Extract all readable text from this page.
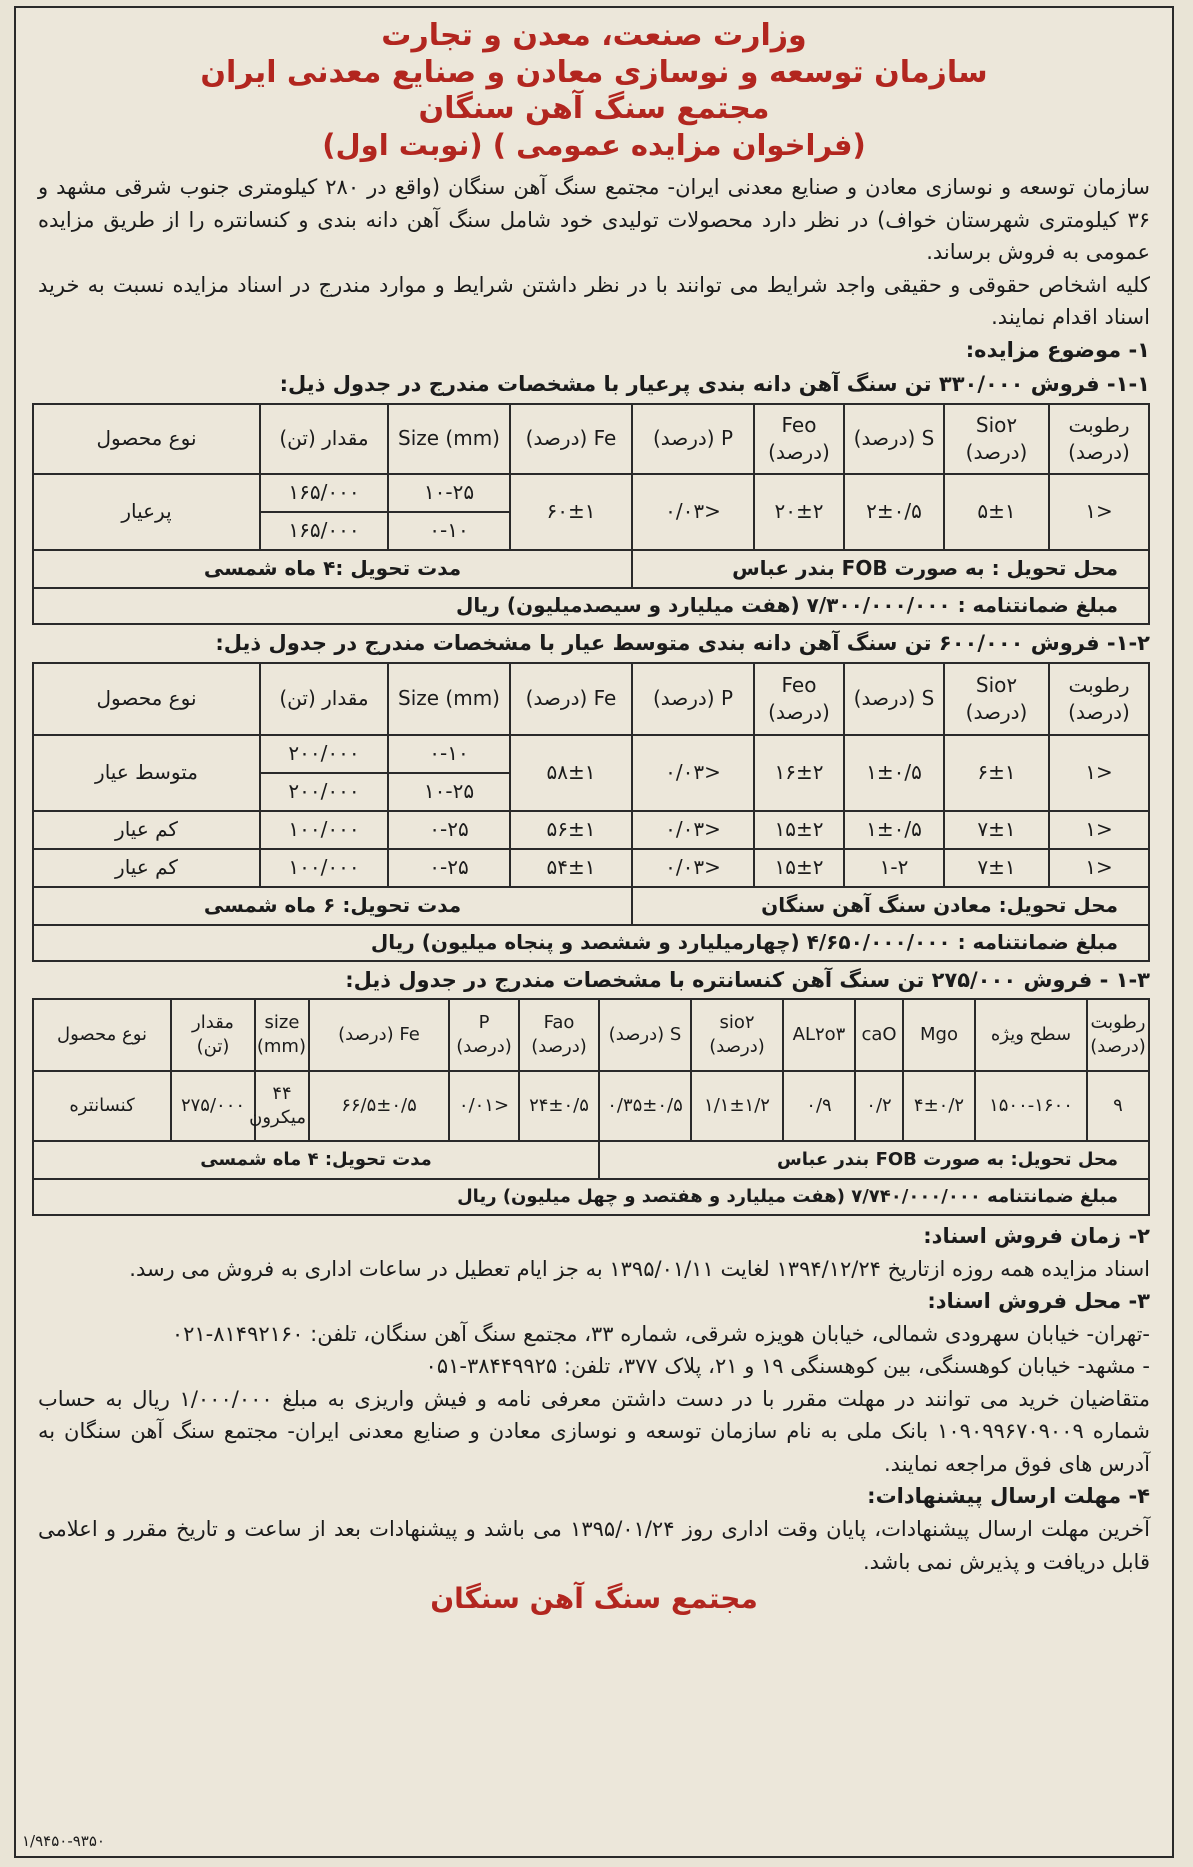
وزارت صنعت، معدن و تجارت
سازمان توسعه و نوسازی معادن و صنایع معدنی ایران
مجتمع سنگ آهن سنگان
(فراخوان مزایده عمومی ) (نوبت اول)

سازمان توسعه و نوسازی معادن و صنایع معدنی ایران- مجتمع سنگ آهن سنگان (واقع در ۲۸۰ کیلومتری جنوب شرقی مشهد و ۳۶ کیلومتری شهرستان خواف) در نظر دارد محصولات تولیدی خود شامل سنگ آهن دانه بندی و کنسانتره را از طریق مزایده عمومی به فروش برساند.

کلیه اشخاص حقوقی و حقیقی واجد شرایط می توانند با در نظر داشتن شرایط و موارد مندرج در اسناد مزایده نسبت به خرید اسناد اقدام نمایند.

۱- موضوع مزایده:

۱-۱- فروش ۳۳۰/۰۰۰ تن سنگ آهن دانه بندی پرعیار با مشخصات مندرج در جدول ذیل:

رطوبت (درصد)	Sio۲ (درصد)	S (درصد)	Feo (درصد)	P (درصد)	Fe (درصد)	Size (mm)	مقدار (تن)	نوع محصول
<۱	۵±۱	۲±۰/۵	۲۰±۲	<۰/۰۳	۶۰±۱	۱۰-۲۵	۱۶۵/۰۰۰	پرعیار
						۰-۱۰	۱۶۵/۰۰۰	
محل تحویل : به صورت FOB بندر عباس					مدت تحویل :۴ ماه شمسی			
مبلغ ضمانتنامه : ۷/۳۰۰/۰۰۰/۰۰۰ (هفت میلیارد و سیصدمیلیون) ریال								

۱-۲- فروش ۶۰۰/۰۰۰ تن سنگ آهن دانه بندی متوسط عیار با مشخصات مندرج در جدول ذیل:

رطوبت (درصد)	Sio۲ (درصد)	S (درصد)	Feo (درصد)	P (درصد)	Fe (درصد)	Size (mm)	مقدار (تن)	نوع محصول
<۱	۶±۱	۱±۰/۵	۱۶±۲	<۰/۰۳	۵۸±۱	۰-۱۰	۲۰۰/۰۰۰	متوسط عیار
						۱۰-۲۵	۲۰۰/۰۰۰	
<۱	۷±۱	۱±۰/۵	۱۵±۲	<۰/۰۳	۵۶±۱	۰-۲۵	۱۰۰/۰۰۰	کم عیار
<۱	۷±۱	۱-۲	۱۵±۲	<۰/۰۳	۵۴±۱	۰-۲۵	۱۰۰/۰۰۰	کم عیار
محل تحویل: معادن سنگ آهن سنگان					مدت تحویل: ۶ ماه شمسی			
مبلغ ضمانتنامه : ۴/۶۵۰/۰۰۰/۰۰۰ (چهارمیلیارد و ششصد و پنجاه میلیون) ریال								

۱-۳ - فروش ۲۷۵/۰۰۰ تن سنگ آهن کنسانتره با مشخصات مندرج در جدول ذیل:

رطوبت (درصد)	سطح ویژه	Mgo	caO	AL۲o۳	sio۲ (درصد)	S (درصد)	Fao (درصد)	P (درصد)	Fe (درصد)	size (mm)	مقدار (تن)	نوع محصول
۹	۱۵۰۰-۱۶۰۰	۴±۰/۲	۰/۲	۰/۹	۱/۱±۱/۲	۰/۳۵±۰/۵	۲۴±۰/۵	<۰/۰۱	۶۶/۵±۰/۵	۴۴ میکرون	۲۷۵/۰۰۰	کنسانتره
محل تحویل: به صورت FOB بندر عباس							مدت تحویل: ۴ ماه شمسی					
مبلغ ضمانتنامه ۷/۷۴۰/۰۰۰/۰۰۰ (هفت میلیارد و هفتصد و چهل میلیون) ریال												

۲- زمان فروش اسناد:

اسناد مزایده همه روزه ازتاریخ ۱۳۹۴/۱۲/۲۴ لغایت ۱۳۹۵/۰۱/۱۱ به جز ایام تعطیل در ساعات اداری به فروش می رسد.

۳- محل فروش اسناد:

-تهران- خیابان سهرودی شمالی، خیابان هویزه شرقی، شماره ۳۳، مجتمع سنگ آهن سنگان، تلفن: ۸۱۴۹۲۱۶۰-۰۲۱

- مشهد- خیابان کوهسنگی، بین کوهسنگی ۱۹ و ۲۱، پلاک ۳۷۷، تلفن: ۳۸۴۴۹۹۲۵-۰۵۱

متقاضیان خرید می توانند در مهلت مقرر با در دست داشتن معرفی نامه و فیش واریزی به مبلغ ۱/۰۰۰/۰۰۰ ریال به حساب شماره ۱۰۹۰۹۹۶۷۰۹۰۰۹ بانک ملی به نام سازمان توسعه و نوسازی معادن و صنایع معدنی ایران- مجتمع سنگ آهن سنگان به آدرس های فوق مراجعه نمایند.

۴- مهلت ارسال پیشنهادات:

آخرین مهلت ارسال پیشنهادات، پایان وقت اداری روز ۱۳۹۵/۰۱/۲۴ می باشد و پیشنهادات بعد از ساعت و تاریخ مقرر و اعلامی قابل دریافت و پذیرش نمی باشد.

مجتمع سنگ آهن سنگان
۱/۹۴۵۰-۹۳۵۰
